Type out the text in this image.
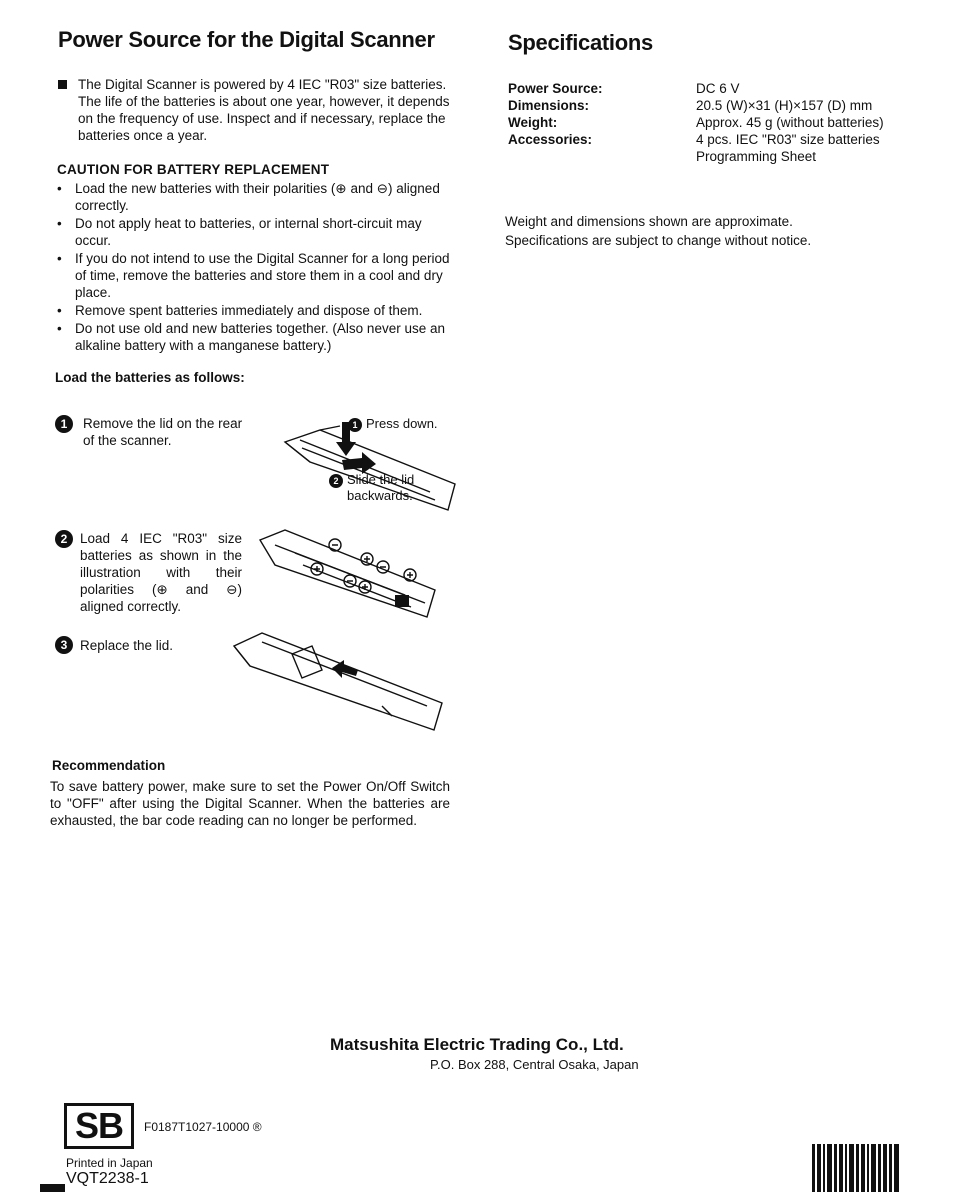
Power Source for the Digital Scanner
The Digital Scanner is powered by 4 IEC "R03" size batteries. The life of the batteries is about one year, however, it depends on the frequency of use. Inspect and if necessary, replace the batteries once a year.
CAUTION FOR BATTERY REPLACEMENT
• Load the new batteries with their polarities (⊕ and ⊖) aligned correctly.
• Do not apply heat to batteries, or internal short-circuit may occur.
• If you do not intend to use the Digital Scanner for a long period of time, remove the batteries and store them in a cool and dry place.
• Remove spent batteries immediately and dispose of them.
• Do not use old and new batteries together. (Also never use an alkaline battery with a manganese battery.)
Load the batteries as follows:
1	Remove the lid on the rear of the scanner.
1 Press down.
2 Slide the lid backwards.
2 Load 4 IEC "R03" size batteries as shown in the illustration with their polarities (⊕ and ⊖) aligned correctly.
3 Replace the lid.
Recommendation
To save battery power, make sure to set the Power On/Off Switch to "OFF" after using the Digital Scanner. When the batteries are exhausted, the bar code reading can no longer be performed.
Specifications
Power Source:	DC 6 V
Dimensions:	20.5 (W)×31 (H)×157 (D) mm
Weight:	Approx. 45 g (without batteries)
Accessories:	4 pcs. IEC "R03" size batteries
	Programming Sheet
Weight and dimensions shown are approximate.
Specifications are subject to change without notice.
Matsushita Electric Trading Co., Ltd.
P.O. Box 288, Central Osaka, Japan
SB	F0187T1027-10000 ®
Printed in Japan
VQT2238-1
